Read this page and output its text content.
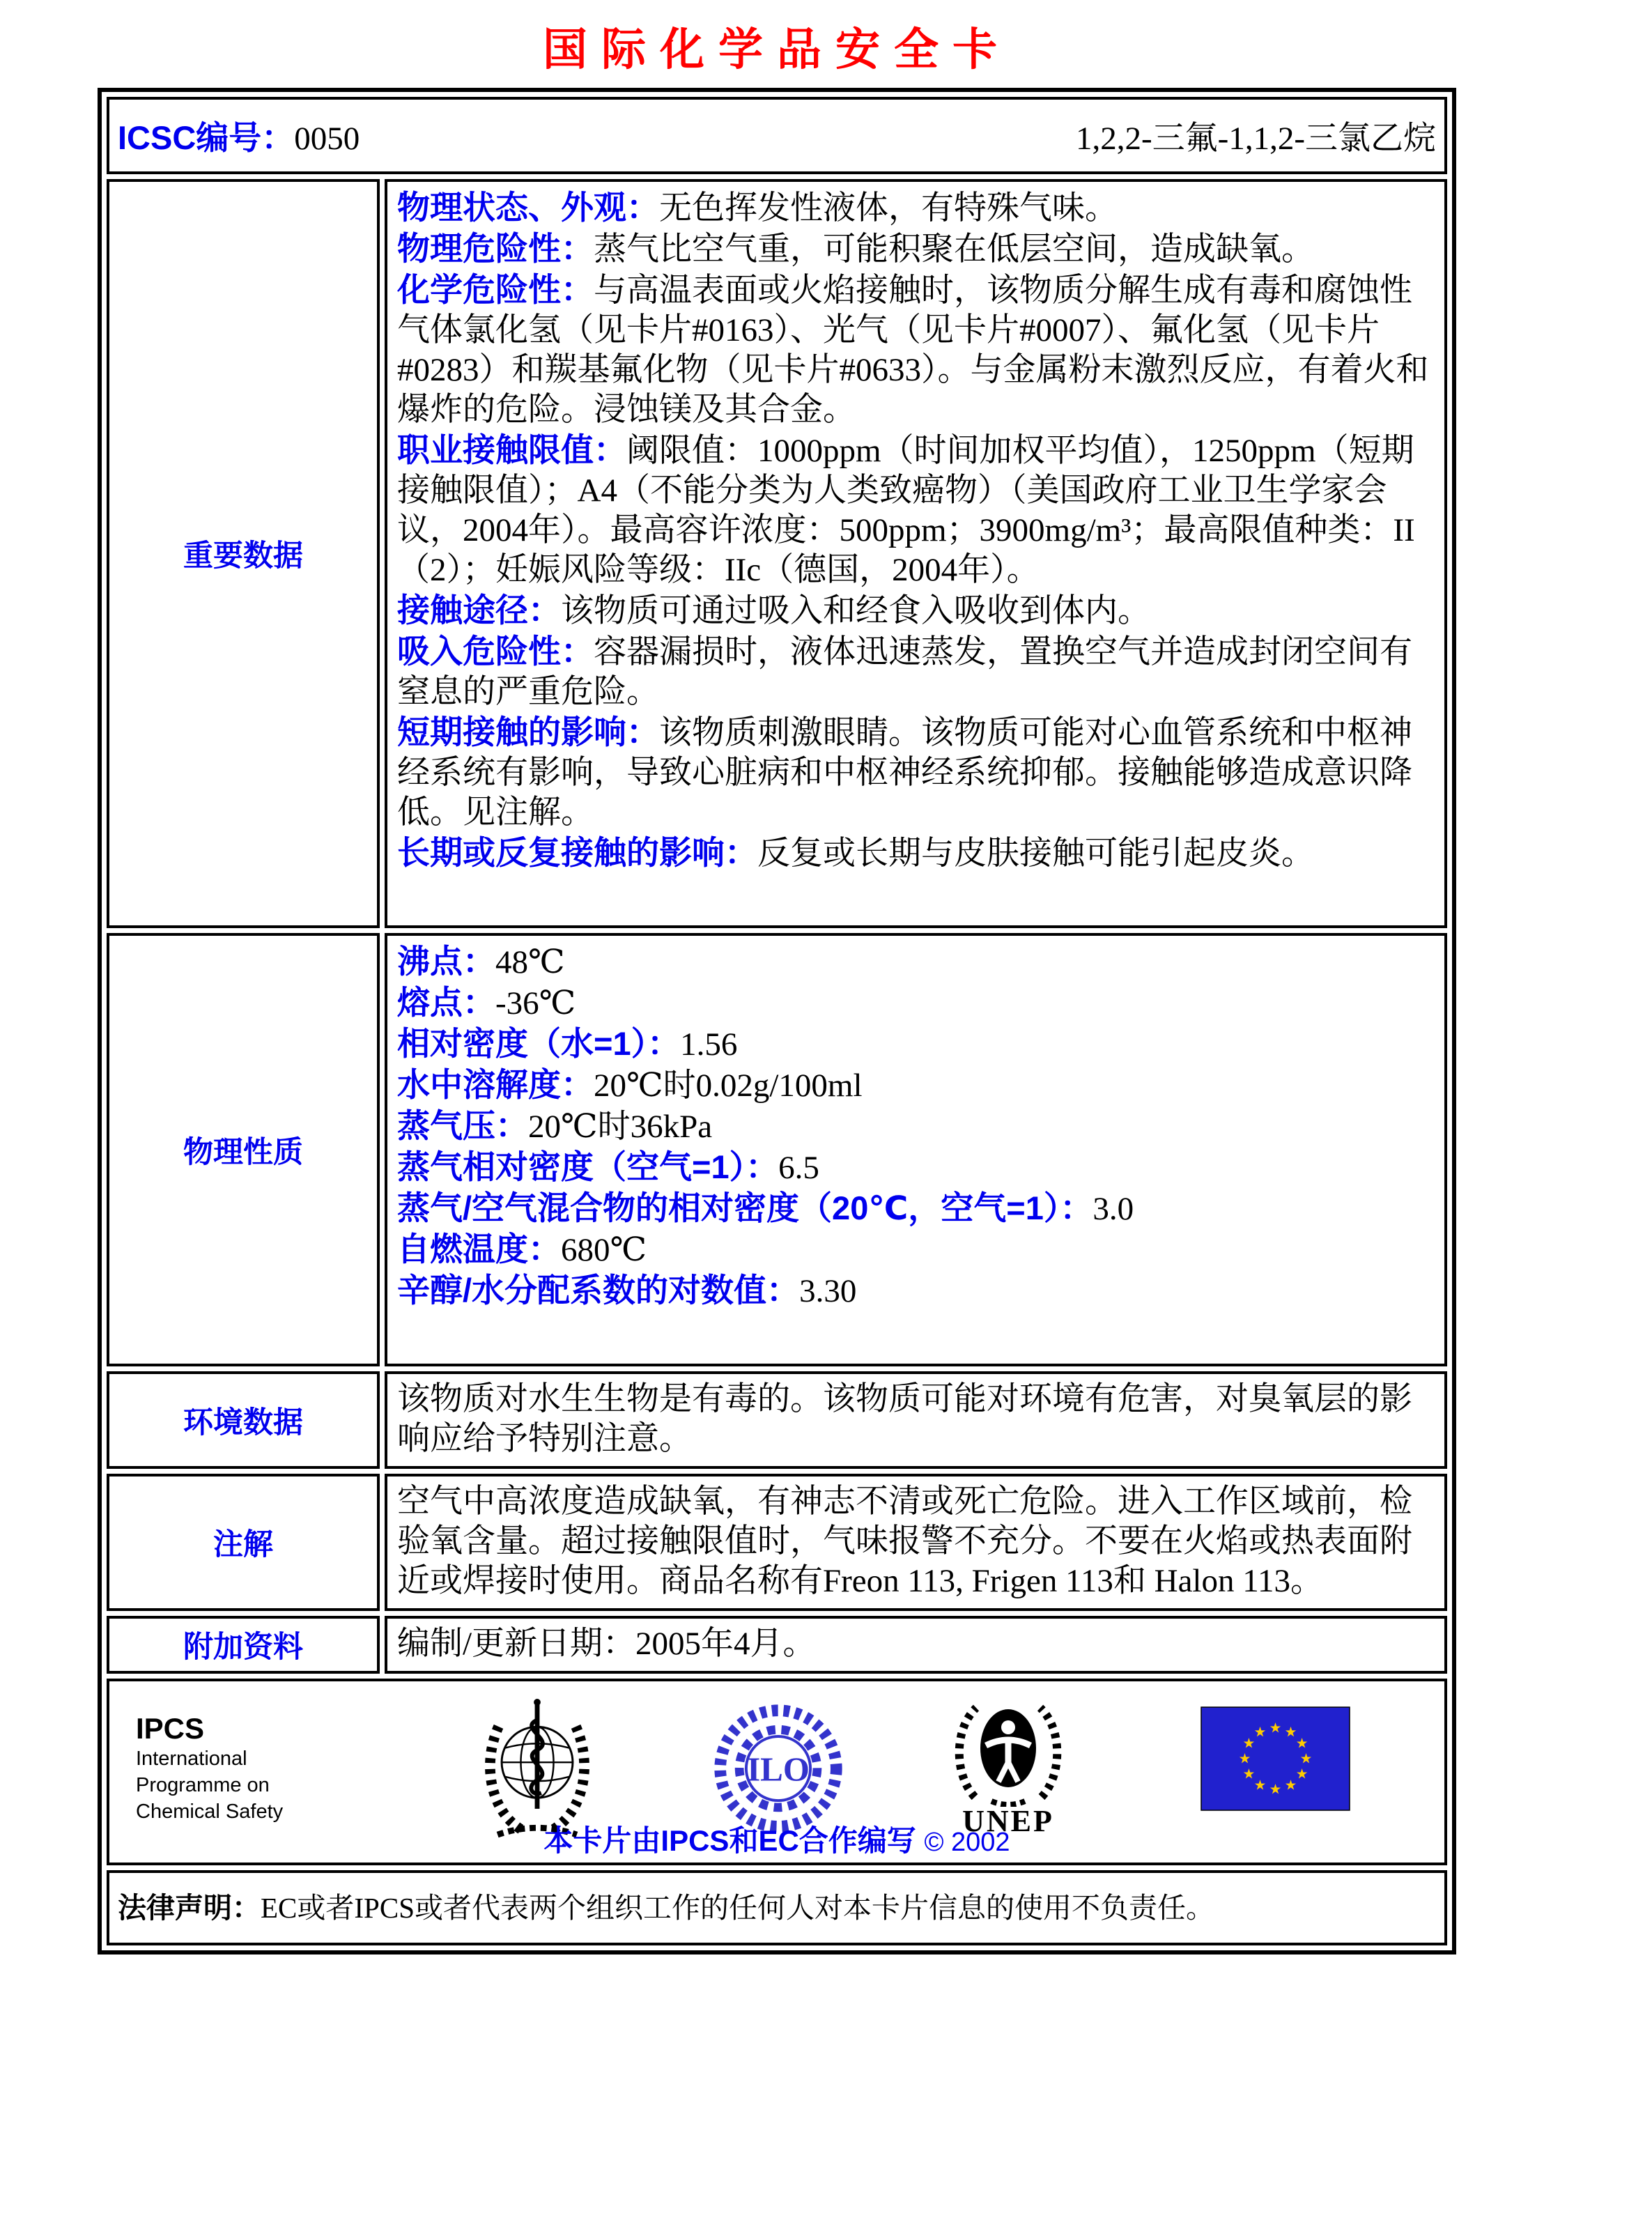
国际化学品安全卡
ICSC编号： 0050	1,2,2-三氟-1,1,2-三氯乙烷
重要数据
物理状态、外观：无色挥发性液体，有特殊气味。
物理危险性：蒸气比空气重，可能积聚在低层空间，造成缺氧。
化学危险性：与高温表面或火焰接触时，该物质分解生成有毒和腐蚀性气体氯化氢（见卡片#0163）、光气（见卡片#0007）、氟化氢（见卡片#0283）和羰基氟化物（见卡片#0633）。与金属粉末激烈反应，有着火和爆炸的危险。浸蚀镁及其合金。
职业接触限值：阈限值：1000ppm（时间加权平均值），1250ppm（短期接触限值）；A4（不能分类为人类致癌物）（美国政府工业卫生学家会议，2004年）。最高容许浓度：500ppm；3900mg/m³；最高限值种类：II（2）；妊娠风险等级：IIc（德国，2004年）。
接触途径：该物质可通过吸入和经食入吸收到体内。
吸入危险性：容器漏损时，液体迅速蒸发，置换空气并造成封闭空间有窒息的严重危险。
短期接触的影响：该物质刺激眼睛。该物质可能对心血管系统和中枢神经系统有影响，导致心脏病和中枢神经系统抑郁。接触能够造成意识降低。见注解。
长期或反复接触的影响：反复或长期与皮肤接触可能引起皮炎。
物理性质
沸点：48℃
熔点：-36℃
相对密度（水=1）：1.56
水中溶解度：20℃时0.02g/100ml
蒸气压：20℃时36kPa
蒸气相对密度（空气=1）：6.5
蒸气/空气混合物的相对密度（20℃，空气=1）：3.0
自燃温度：680℃
辛醇/水分配系数的对数值：3.30
环境数据
该物质对水生生物是有毒的。该物质可能对环境有危害，对臭氧层的影响应给予特别注意。
注解
空气中高浓度造成缺氧，有神志不清或死亡危险。进入工作区域前，检验氧含量。超过接触限值时，气味报警不充分。不要在火焰或热表面附近或焊接时使用。商品名称有Freon 113, Frigen 113和 Halon 113。
附加资料	编制/更新日期：2005年4月。
IPCS
International
Programme on
Chemical Safety
ILO
UNEP
本卡片由IPCS和EC合作编写 © 2002
法律声明：EC或者IPCS或者代表两个组织工作的任何人对本卡片信息的使用不负责任。
